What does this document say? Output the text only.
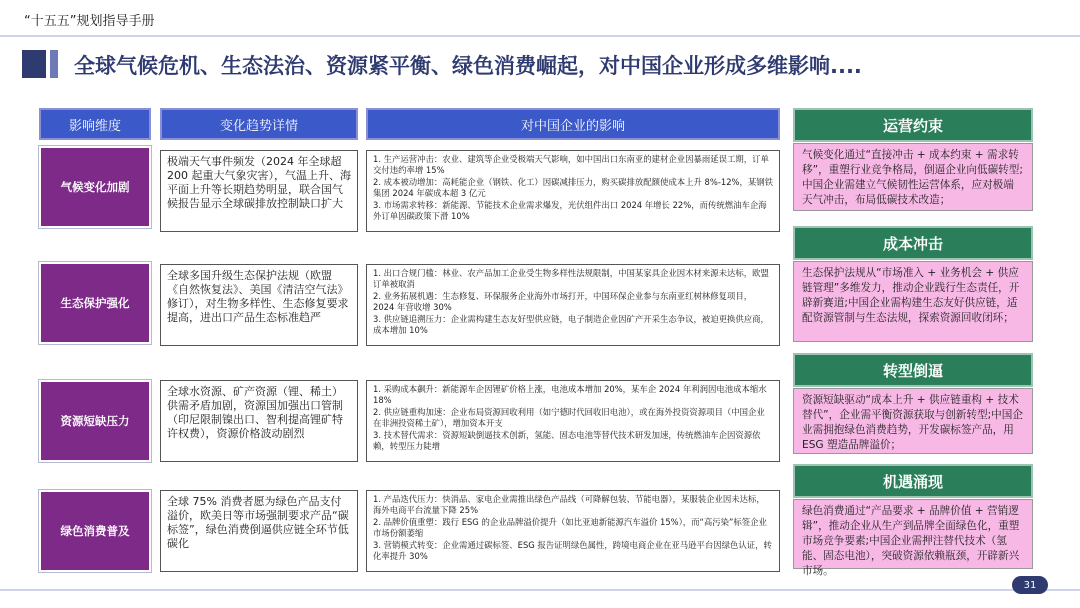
“十五五”规划指导手册
全球气候危机、生态法治、资源紧平衡、绿色消费崛起，对中国企业形成多维影响....
影响维度	变化趋势详情	对中国企业的影响
气候变化加剧
极端天气事件频发（2024 年全球超 200 起重大气象灾害），气温上升、海平面上升等长期趋势明显，联合国气候报告显示全球碳排放控制缺口扩大
1. 生产运营冲击：农业、建筑等企业受极端天气影响，如中国出口东南亚的建材企业因暴雨延误工期，订单交付违约率增 15%
2. 成本被动增加：高耗能企业（钢铁、化工）因碳减排压力，购买碳排放配额使成本上升 8%-12%，某钢铁集团 2024 年碳成本超 3 亿元
3. 市场需求转移：新能源、节能技术企业需求爆发，光伏组件出口 2024 年增长 22%，而传统燃油车企海外订单因碳政策下滑 10%
生态保护强化
全球多国升级生态保护法规（欧盟《自然恢复法》、美国《清洁空气法》修订），对生物多样性、生态修复要求提高，进出口产品生态标准趋严
1. 出口合规门槛：林业、农产品加工企业受生物多样性法规限制，中国某家具企业因木材来源未达标，欧盟订单被取消
2. 业务拓展机遇：生态修复、环保服务企业海外市场打开，中国环保企业参与东南亚红树林修复项目，2024 年营收增 30%
3. 供应链追溯压力：企业需构建生态友好型供应链，电子制造企业因矿产开采生态争议，被迫更换供应商，成本增加 10%
资源短缺压力
全球水资源、矿产资源（锂、稀土）供需矛盾加剧，资源国加强出口管制（印尼限制镍出口、智利提高锂矿特许权费），资源价格波动剧烈
1. 采购成本飙升：新能源车企因锂矿价格上涨，电池成本增加 20%，某车企 2024 年利润因电池成本缩水 18%
2. 供应链重构加速：企业布局资源回收利用（如宁德时代回收旧电池），或在海外投资资源项目（中国企业在非洲投资稀土矿），增加资本开支
3. 技术替代需求：资源短缺倒逼技术创新，氢能、固态电池等替代技术研发加速，传统燃油车企因资源依赖，转型压力陡增
绿色消费普及
全球 75% 消费者愿为绿色产品支付溢价，欧美日等市场强制要求产品“碳标签”，绿色消费倒逼供应链全环节低碳化
1. 产品迭代压力：快消品、家电企业需推出绿色产品线（可降解包装、节能电器），某服装企业因未达标，海外电商平台流量下降 25%
2. 品牌价值重塑：践行 ESG 的企业品牌溢价提升（如比亚迪新能源汽车溢价 15%），而“高污染”标签企业市场份额萎缩
3. 营销模式转变：企业需通过碳标签、ESG 报告证明绿色属性，跨境电商企业在亚马逊平台因绿色认证，转化率提升 30%
运营约束
气候变化通过“直接冲击 + 成本约束 + 需求转移”，重塑行业竞争格局，倒逼企业向低碳转型;中国企业需建立气候韧性运营体系，应对极端天气冲击，布局低碳技术改造；
成本冲击
生态保护法规从“市场准入 + 业务机会 + 供应链管理”多维发力，推动企业践行生态责任，开辟新赛道;中国企业需构建生态友好供应链，适配资源管制与生态法规，探索资源回收闭环；
转型倒逼
资源短缺驱动“成本上升 + 供应链重构 + 技术替代”，企业需平衡资源获取与创新转型;中国企业需拥抱绿色消费趋势，开发碳标签产品，用 ESG 塑造品牌溢价；
机遇涌现
绿色消费通过“产品要求 + 品牌价值 + 营销逻辑”，推动企业从生产到品牌全面绿色化，重塑市场竞争要素;中国企业需押注替代技术（氢能、固态电池），突破资源依赖瓶颈，开辟新兴市场。
31
